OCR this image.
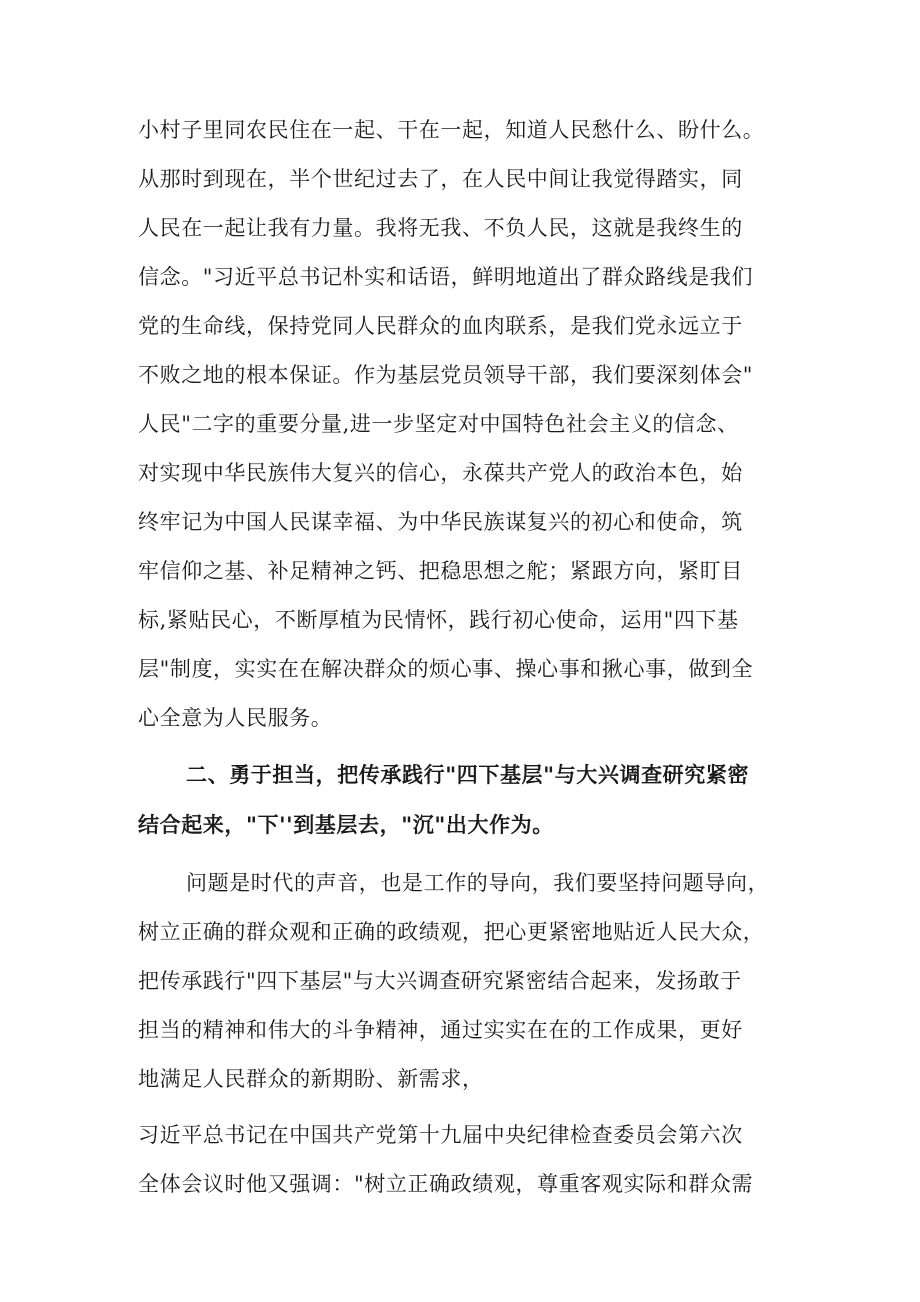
小村子里同农民住在一起、干在一起，知道人民愁什么、盼什么。
从那时到现在，半个世纪过去了，在人民中间让我觉得踏实，同
人民在一起让我有力量。我将无我、不负人民，这就是我终生的
信念。"习近平总书记朴实和话语，鲜明地道出了群众路线是我们
党的生命线，保持党同人民群众的血肉联系，是我们党永远立于
不败之地的根本保证。作为基层党员领导干部，我们要深刻体会"
人民"二字的重要分量,进一步坚定对中国特色社会主义的信念、
对实现中华民族伟大复兴的信心，永葆共产党人的政治本色，始
终牢记为中国人民谋幸福、为中华民族谋复兴的初心和使命，筑
牢信仰之基、补足精神之钙、把稳思想之舵；紧跟方向，紧盯目
标,紧贴民心，不断厚植为民情怀，践行初心使命，运用"四下基
层"制度，实实在在解决群众的烦心事、操心事和揪心事，做到全
心全意为人民服务。
二、勇于担当，把传承践行"四下基层"与大兴调查研究紧密
结合起来，"下''到基层去，"沉"出大作为。
问题是时代的声音，也是工作的导向，我们要坚持问题导向，
树立正确的群众观和正确的政绩观，把心更紧密地贴近人民大众，
把传承践行"四下基层"与大兴调查研究紧密结合起来，发扬敢于
担当的精神和伟大的斗争精神，通过实实在在的工作成果，更好
地满足人民群众的新期盼、新需求，
习近平总书记在中国共产党第十九届中央纪律检查委员会第六次
全体会议时他又强调："树立正确政绩观，尊重客观实际和群众需
